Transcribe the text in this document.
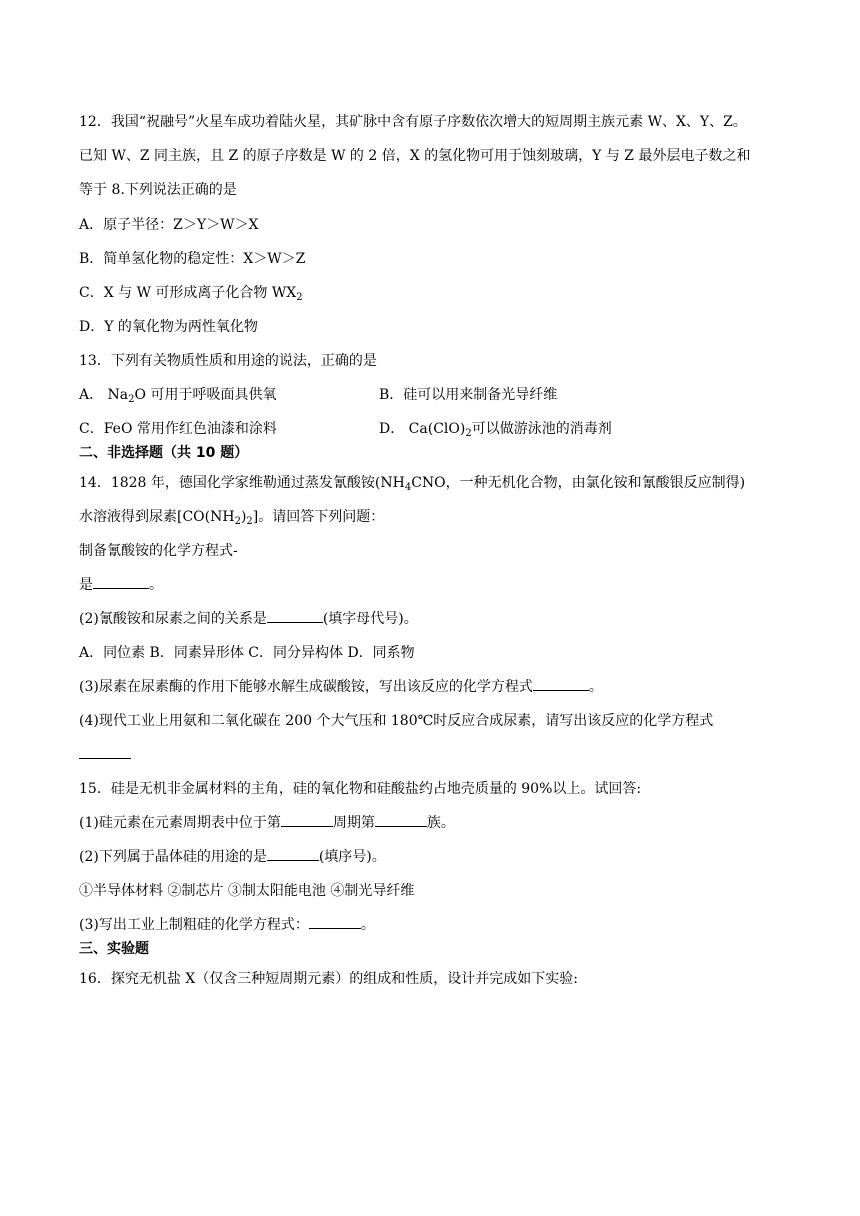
12．我国“祝融号”火星车成功着陆火星，其矿脉中含有原子序数依次增大的短周期主族元素 W、X、Y、Z。
已知 W、Z 同主族，且 Z 的原子序数是 W 的 2 倍，X 的氢化物可用于蚀刻玻璃，Y 与 Z 最外层电子数之和
等于 8.下列说法正确的是
A．原子半径：Z＞Y＞W＞X
B．简单氢化物的稳定性：X＞W＞Z
C．X 与 W 可形成离子化合物 $WX_2$
D．Y 的氧化物为两性氧化物
13．下列有关物质性质和用途的说法，正确的是
A． $Na_2O$ 可用于呼吸面具供氧	B．硅可以用来制备光导纤维
C．FeO 常用作红色油漆和涂料	D． $Ca(ClO)_2$可以做游泳池的消毒剂
二、非选择题（共 10 题）
14．1828 年，德国化学家维勒通过蒸发氰酸铵($NH_4CNO$，一种无机化合物，由氯化铵和氰酸银反应制得)
水溶液得到尿素$[CO(NH_2)_2]$。请回答下列问题：
制备氰酸铵的化学方程式-
是	。
(2)氰酸铵和尿素之间的关系是	(填字母代号)。
A．同位素 B．同素异形体 C．同分异构体 D．同系物
(3)尿素在尿素酶的作用下能够水解生成碳酸铵，写出该反应的化学方程式	。
(4)现代工业上用氨和二氧化碳在 200 个大气压和 180℃时反应合成尿素，请写出该反应的化学方程式
15．硅是无机非金属材料的主角，硅的氧化物和硅酸盐约占地壳质量的 90%以上。试回答:
(1)硅元素在元素周期表中位于第	周期第	族。
(2)下列属于晶体硅的用途的是	(填序号)。
①半导体材料 ②制芯片 ③制太阳能电池 ④制光导纤维
(3)写出工业上制粗硅的化学方程式：	。
三、实验题
16．探究无机盐 X（仅含三种短周期元素）的组成和性质，设计并完成如下实验:
